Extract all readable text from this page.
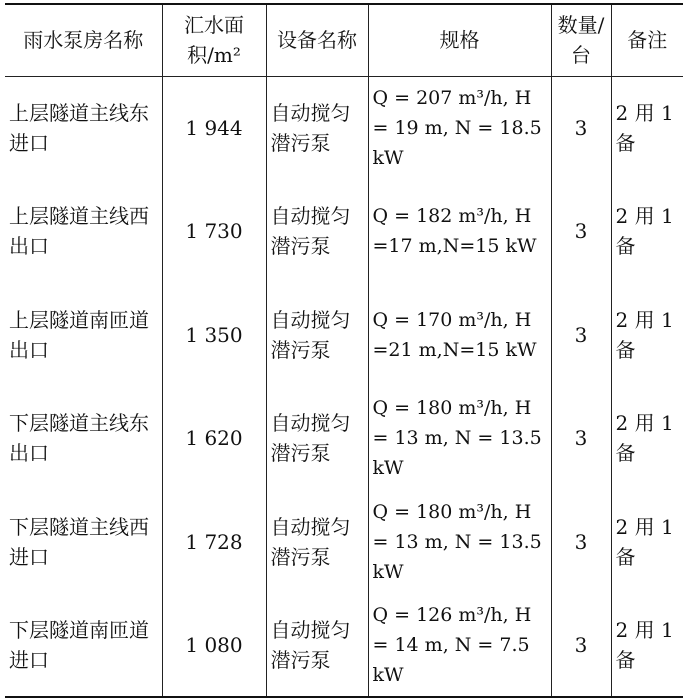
雨水泵房名称	汇水面积/m²	设备名称	规格	数量/台	备注
上层隧道主线东进口	1 944	自动搅匀潜污泵	Q = 207 m³/h, H = 19 m, N = 18.5 kW	3	2 用 1 备
上层隧道主线西出口	1 730	自动搅匀潜污泵	Q = 182 m³/h, H=17 m,N=15 kW	3	2 用 1 备
上层隧道南匝道出口	1 350	自动搅匀潜污泵	Q = 170 m³/h, H=21 m,N=15 kW	3	2 用 1 备
下层隧道主线东出口	1 620	自动搅匀潜污泵	Q = 180 m³/h, H = 13 m, N = 13.5 kW	3	2 用 1 备
下层隧道主线西进口	1 728	自动搅匀潜污泵	Q = 180 m³/h, H = 13 m, N = 13.5 kW	3	2 用 1 备
下层隧道南匝道进口	1 080	自动搅匀潜污泵	Q = 126 m³/h, H = 14 m, N = 7.5 kW	3	2 用 1 备
